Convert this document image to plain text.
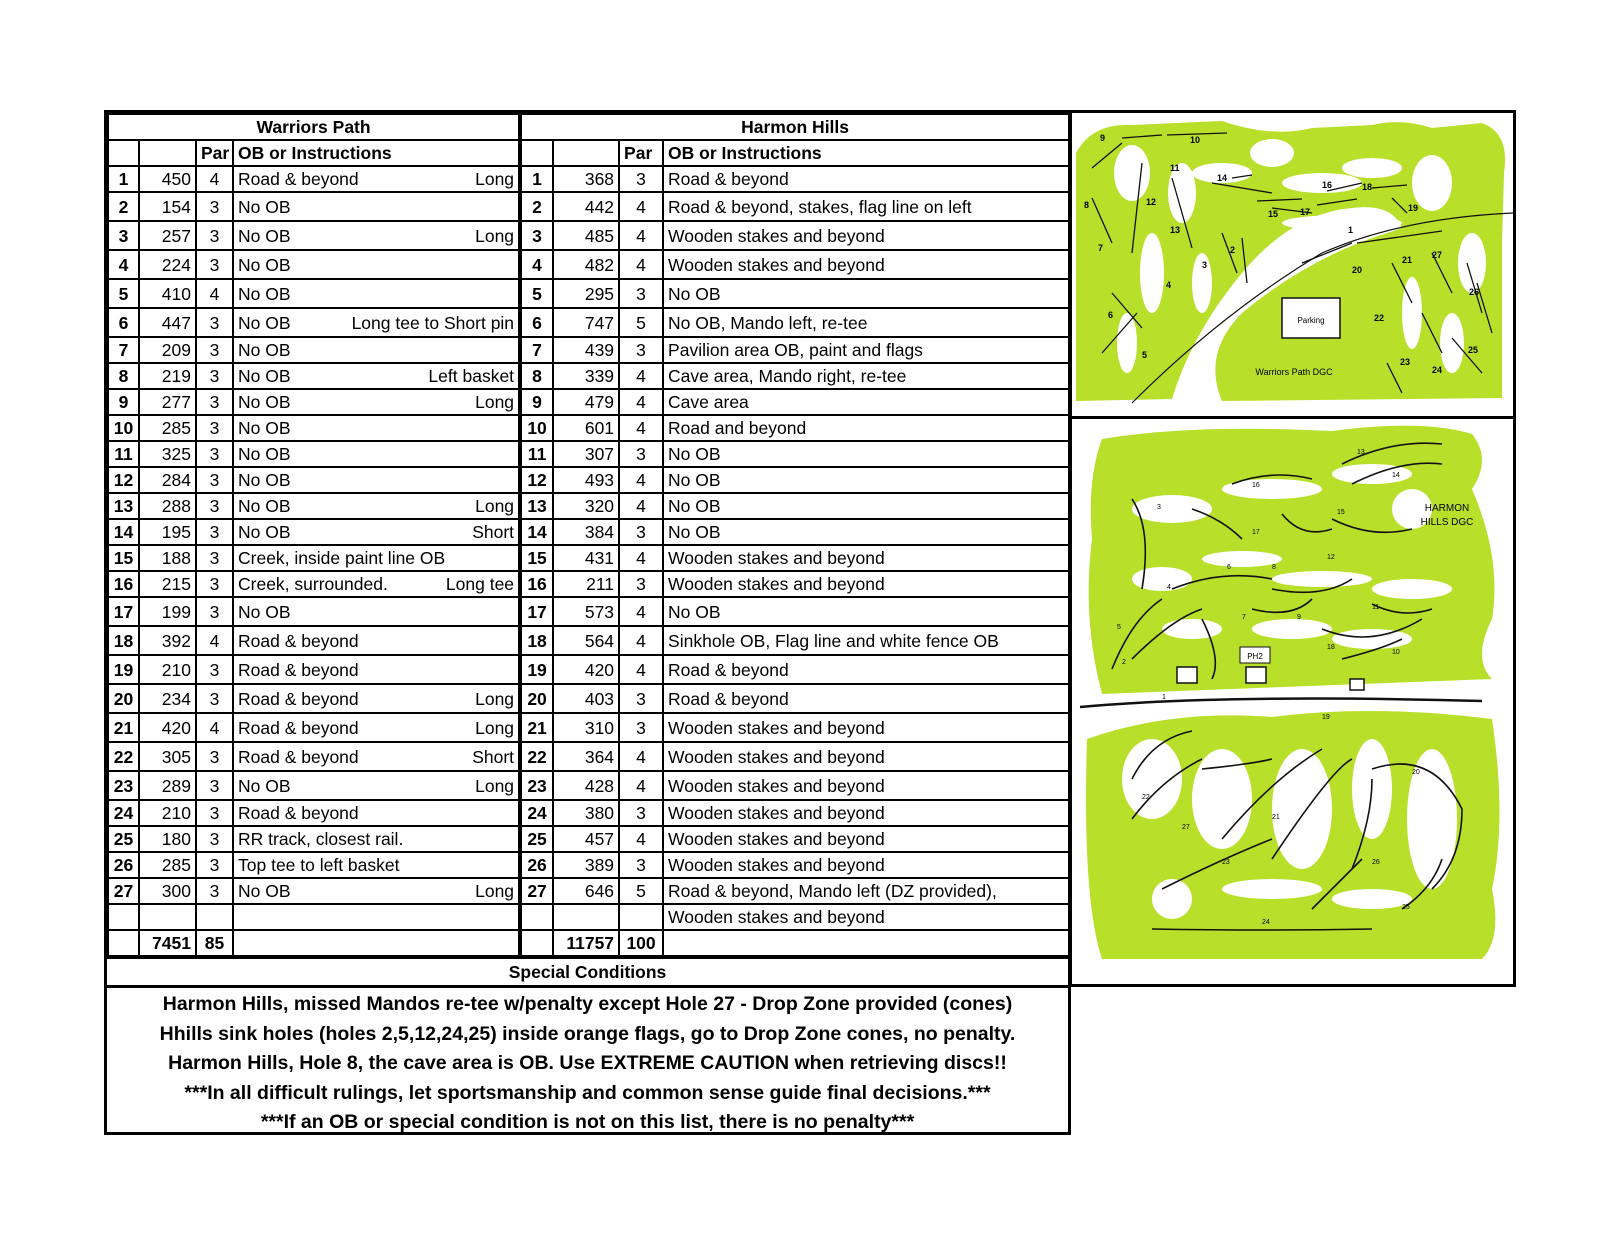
Warriors Path				Harmon Hills			
		Par	OB or Instructions			Par	OB or Instructions
1	450	4	Road & beyond Long	1	368	3	Road & beyond
2	154	3	No OB	2	442	4	Road & beyond, stakes, flag line on left
3	257	3	No OB Long	3	485	4	Wooden stakes and beyond
4	224	3	No OB	4	482	4	Wooden stakes and beyond
5	410	4	No OB	5	295	3	No OB
6	447	3	No OB Long tee to Short pin	6	747	5	No OB, Mando left, re-tee
7	209	3	No OB	7	439	3	Pavilion area OB, paint and flags
8	219	3	No OB Left basket	8	339	4	Cave area, Mando right, re-tee
9	277	3	No OB Long	9	479	4	Cave area
10	285	3	No OB	10	601	4	Road and beyond
11	325	3	No OB	11	307	3	No OB
12	284	3	No OB	12	493	4	No OB
13	288	3	No OB Long	13	320	4	No OB
14	195	3	No OB Short	14	384	3	No OB
15	188	3	Creek, inside paint line OB	15	431	4	Wooden stakes and beyond
16	215	3	Creek, surrounded. Long tee	16	211	3	Wooden stakes and beyond
17	199	3	No OB	17	573	4	No OB
18	392	4	Road & beyond	18	564	4	Sinkhole OB, Flag line and white fence OB
19	210	3	Road & beyond	19	420	4	Road & beyond
20	234	3	Road & beyond Long	20	403	3	Road & beyond
21	420	4	Road & beyond Long	21	310	3	Wooden stakes and beyond
22	305	3	Road & beyond Short	22	364	4	Wooden stakes and beyond
23	289	3	No OB Long	23	428	4	Wooden stakes and beyond
24	210	3	Road & beyond	24	380	3	Wooden stakes and beyond
25	180	3	RR track, closest rail.	25	457	4	Wooden stakes and beyond
26	285	3	Top tee to left basket	26	389	3	Wooden stakes and beyond
27	300	3	No OB Long	27	646	5	Road & beyond, Mando left (DZ provided),
							Wooden stakes and beyond
	7451	85			11757	100	
Special Conditions
Harmon Hills, missed Mandos re-tee w/penalty except Hole 27 - Drop Zone provided (cones)
Hhills sink holes (holes 2,5,12,24,25) inside orange flags, go to Drop Zone cones, no penalty.
Harmon Hills, Hole 8, the cave area is OB. Use EXTREME CAUTION when retrieving discs!!
***In all difficult rulings, let sportsmanship and common sense guide final decisions.***
***If an OB or special condition is not on this list, there is no penalty***
Parking
Warriors Path DGC
9	10
11
14
16	18
8	12
15 17	19
13
7
1
2
4
3	21 27
20
26
6	22
5	25
23
24
PH2
HARMON
HILLS DGC
13
14
16
3
15
17
4
6
12
5
8
7
11
2
9
18
10
1
19
22
20
27
21
23	26
25
24
